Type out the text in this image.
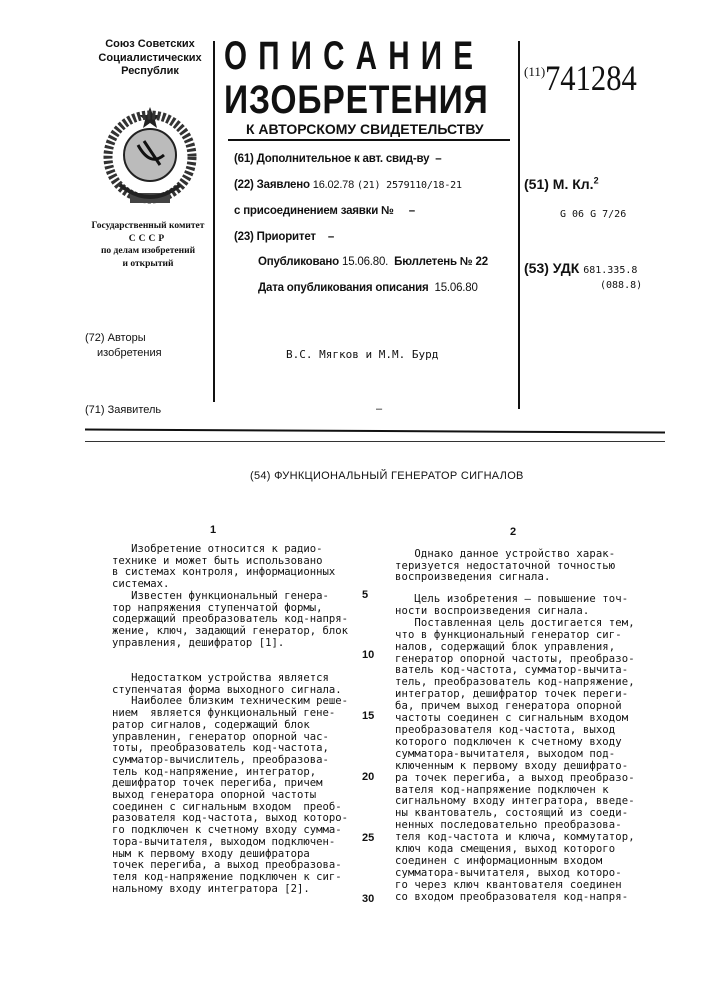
Союз Советских
Социалистических
Республик
Государственный комитет
СССР
по делам изобретений
и открытий
О П И С А Н И Е
ИЗОБРЕТЕНИЯ
К АВТОРСКОМУ СВИДЕТЕЛЬСТВУ
(11)741284
(61) Дополнительное к авт. свид-ву –
(22) Заявлено 16.02.78 (21) 2579110/18-21
с присоединением заявки № –
(23) Приоритет –
Опубликовано 15.06.80. Бюллетень № 22
Дата опубликования описания 15.06.80
(51) М. Кл.2
G 06 G 7/26
(53) УДК 681.335.8
(088.8)
(72) Авторы
изобретения	В.С. Мягков и М.М. Бурд
(71) Заявитель	–
(54) ФУНКЦИОНАЛЬНЫЙ ГЕНЕРАТОР СИГНАЛОВ
1	2
Изобретение относится к радио-
технике и может быть использовано
в системах контроля, информационных
системах.
Известен функциональный генера-
тор напряжения ступенчатой формы,
содержащий преобразователь код-напря-
жение, ключ, задающий генератор, блок
управления, дешифратор [1].
Недостатком устройства является
ступенчатая форма выходного сигнала.
Наиболее близким техническим реше-
нием  является функциональный гене-
ратор сигналов, содержащий блок
управленин, генератор опорной час-
тоты, преобразователь код-частота,
сумматор-вычислитель, преобразова-
тель код-напряжение, интегратор,
дешифратор точек перегиба, причем
выход генератора опорной частоты
соединен с сигнальным входом  преоб-
разователя код-частота, выход которо-
го подключен к счетному входу сумма-
тора-вычитателя, выходом подключен-
ным к первому входу дешифратора
точек перегиба, а выход преобразова-
теля код-напряжение подключен к сиг-
нальному входу интегратора [2].
Однако данное устройство харак-
теризуется недостаточной точностью
воспроизведения сигнала.
Цель изобретения – повышение точ-
ности воспроизведения сигнала.
Поставленная цель достигается тем,
что в функциональный генератор сиг-
налов, содержащий блок управления,
генератор опорной частоты, преобразо-
ватель код-частота, сумматор-вычита-
тель, преобразователь код-напряжение,
интегратор, дешифратор точек переги-
ба, причем выход генератора опорной
частоты соединен с сигнальным входом
преобразователя код-частота, выход
которого подключен к счетному входу
сумматора-вычитателя, выходом под-
ключенным к первому входу дешифрато-
ра точек перегиба, а выход преобразо-
вателя код-напряжение подключен к
сигнальному входу интегратора, введе-
ны квантователь, состоящий из соеди-
ненных последовательно преобразова-
теля код-частота и ключа, коммутатор,
ключ кода смещения, выход которого
соединен с информационным входом
сумматора-вычитателя, выход которо-
го через ключ квантователя соединен
со входом преобразователя код-напря-
5
10
15
20
25
30
